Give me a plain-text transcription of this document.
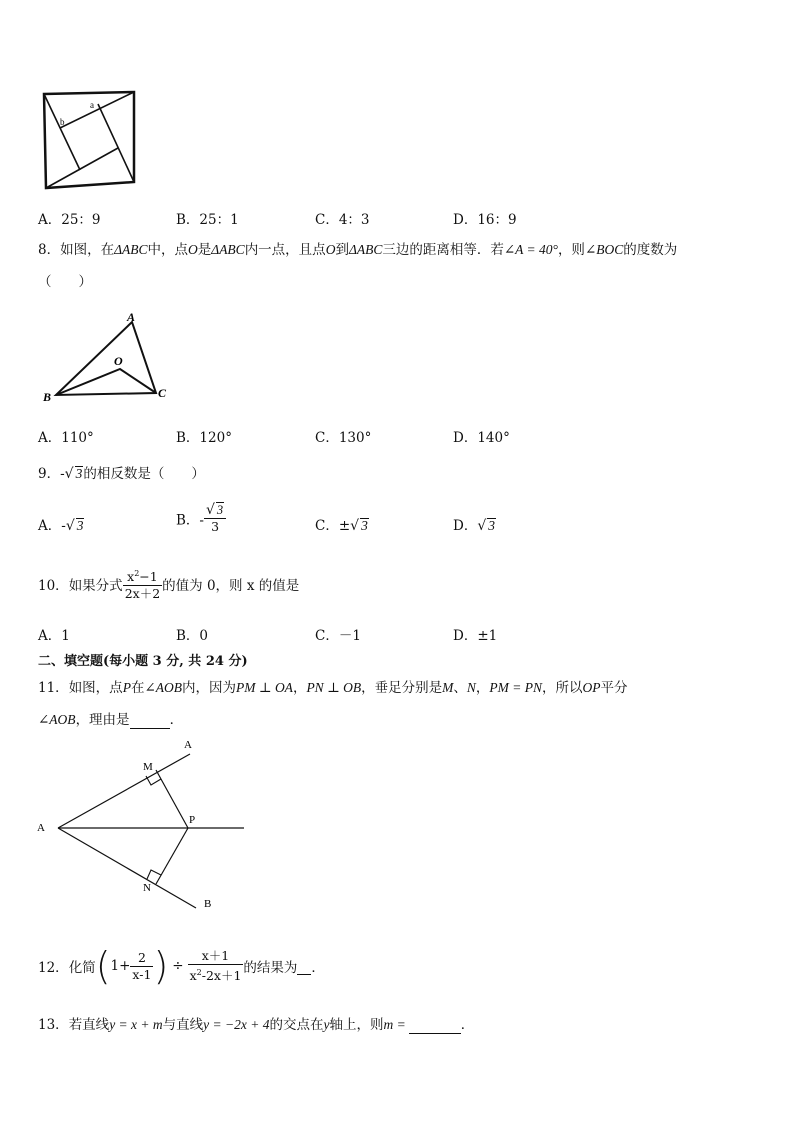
a
b
A．25：9	B．25：1	C．4：3	D．16：9
8．如图，在ΔABC中，点O是ΔABC内一点，且点O到ΔABC三边的距离相等．若∠A = 40°，则∠BOC的度数为
（　　）
A
O
B	C
A．110°	B．120°	C．130°	D．140°
9．-√ 3的相反数是（　　）
A．-√ 3	B．- $\frac{√ 3}{3}$	C．±√ 3	D．√ 3
10．如果分式 $\frac{x^2-1}{2x+2}$ 的值为 0，则 x 的值是
A．1	B．0	C．－1	D．±1
二、填空题(每小题 3 分, 共 24 分)
11．如图，点P在∠AOB内，因为PM ⊥ OA，PN ⊥ OB，垂足分别是M、N，PM = PN，所以OP平分
∠AOB，理由是	．
A
M
A
P
N
B
12．化简($1+ \frac{2}{x-1}$ ) ÷ $\frac{x+1}{x^2-2x+1}$ 的结果为 ．
13．若直线y = x + m与直线y = −2x + 4的交点在y轴上，则m =	．
